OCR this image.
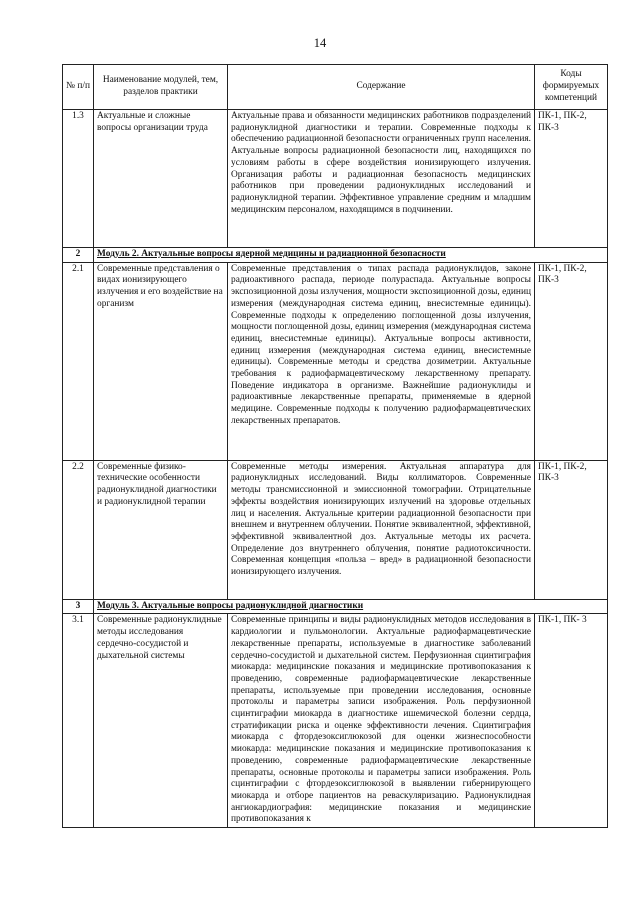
14
№ п/п	Наименование модулей, тем, разделов практики	Содержание	Коды формируемых компетенций
1.3	Актуальные и сложные вопросы организации труда	Актуальные права и обязанности медицинских работников подразделений радионуклидной диагностики и терапии. Современные подходы к обеспечению радиационной безопасности ограниченных групп населения. Актуальные вопросы радиационной безопасности лиц, находящихся по условиям работы в сфере воздействия ионизирующего излучения. Организация работы и радиационная безопасность медицинских работников при проведении радионуклидных исследований и радионуклидной терапии. Эффективное управление средним и младшим медицинским персоналом, находящимся в подчинении.	ПК-1, ПК-2, ПК-3
2	Модуль 2. Актуальные вопросы ядерной медицины и радиационной безопасности		
2.1	Современные представления о видах ионизирующего излучения и его воздействие на организм	Современные представления о типах распада радионуклидов, законе радиоактивного распада, периоде полураспада. Актуальные вопросы экспозиционной дозы излучения, мощности экспозиционной дозы, единиц измерения (международная система единиц, внесистемные единицы). Современные подходы к определению поглощенной дозы излучения, мощности поглощенной дозы, единиц измерения (международная система единиц, внесистемные единицы). Актуальные вопросы активности, единиц измерения (международная система единиц, внесистемные единицы). Современные методы и средства дозиметрии. Актуальные требования к радиофармацевтическому лекарственному препарату. Поведение индикатора в организме. Важнейшие радионуклиды и радиоактивные лекарственные препараты, применяемые в ядерной медицине. Современные подходы к получению радиофармацевтических лекарственных препаратов.	ПК-1, ПК-2, ПК-3
2.2	Современные физико-технические особенности радионуклидной диагностики и радионуклидной терапии	Современные методы измерения. Актуальная аппаратура для радионуклидных исследований. Виды коллиматоров. Современные методы трансмиссионной и эмиссионной томографии. Отрицательные эффекты воздействия ионизирующих излучений на здоровье отдельных лиц и населения. Актуальные критерии радиационной безопасности при внешнем и внутреннем облучении. Понятие эквивалентной, эффективной, эффективной эквивалентной доз. Актуальные методы их расчета. Определение доз внутреннего облучения, понятие радиотоксичности. Современная концепция «польза – вред» в радиационной безопасности ионизирующего излучения.	ПК-1, ПК-2, ПК-3
3	Модуль 3. Актуальные вопросы радионуклидной диагностики		
3.1	Современные радионуклидные методы исследования сердечно-сосудистой и дыхательной системы	Современные принципы и виды радионуклидных методов исследования в кардиологии и пульмонологии. Актуальные радиофармацевтические лекарственные препараты, используемые в диагностике заболеваний сердечно-сосудистой и дыхательной систем. Перфузионная сцинтиграфия миокарда: медицинские показания и медицинские противопоказания к проведению, современные радиофармацевтические лекарственные препараты, используемые при проведении исследования, основные протоколы и параметры записи изображения. Роль перфузионной сцинтиграфии миокарда в диагностике ишемической болезни сердца, стратификации риска и оценке эффективности лечения. Сцинтиграфия миокарда с фтордезоксиглюкозой для оценки жизнеспособности миокарда: медицинские показания и медицинские противопоказания к проведению, современные радиофармацевтические лекарственные препараты, основные протоколы и параметры записи изображения. Роль сцинтиграфии с фтордезоксиглюкозой в выявлении гибернирующего миокарда и отборе пациентов на реваскуляризацию. Радионуклидная ангиокардиография: медицинские показания и медицинские противопоказания к	ПК-1, ПК- 3
